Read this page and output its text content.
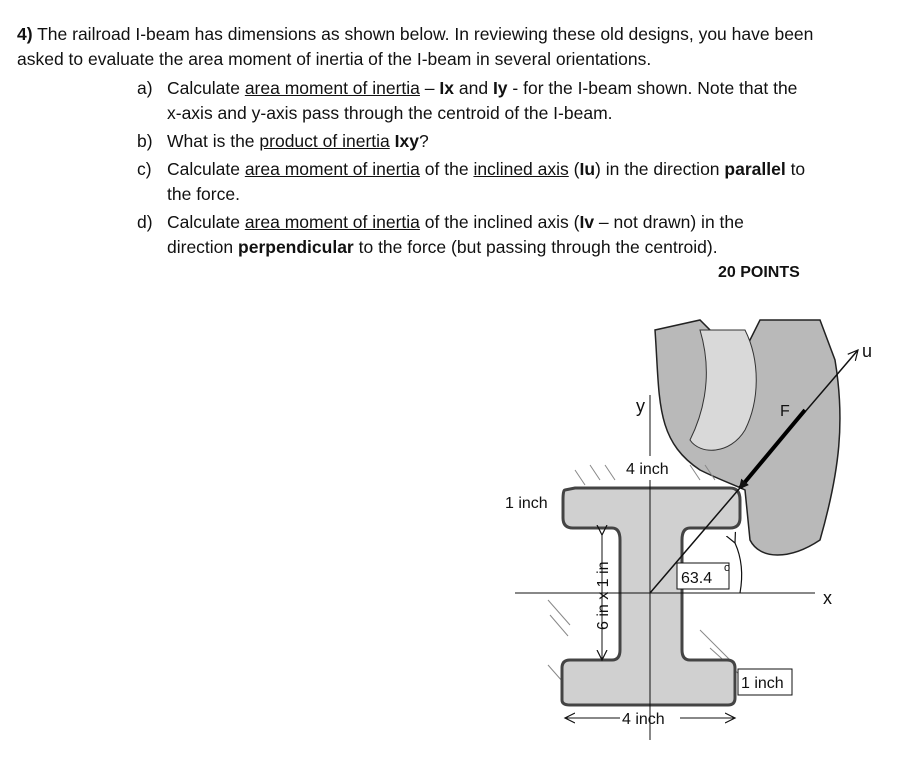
4) The railroad I-beam has dimensions as shown below. In reviewing these old designs, you have been asked to evaluate the area moment of inertia of the I-beam in several orientations.
a) Calculate area moment of inertia – Ix and Iy - for the I-beam shown. Note that the x-axis and y-axis pass through the centroid of the I-beam.
b) What is the product of inertia Ixy?
c) Calculate area moment of inertia of the inclined axis (Iu) in the direction parallel to the force.
d) Calculate area moment of inertia of the inclined axis (Iv – not drawn) in the direction perpendicular to the force (but passing through the centroid).
20 POINTS
4 inch
1 inch
6 in x 1 in	63.4
o
1 inch
4 inch
y
x
u
F
